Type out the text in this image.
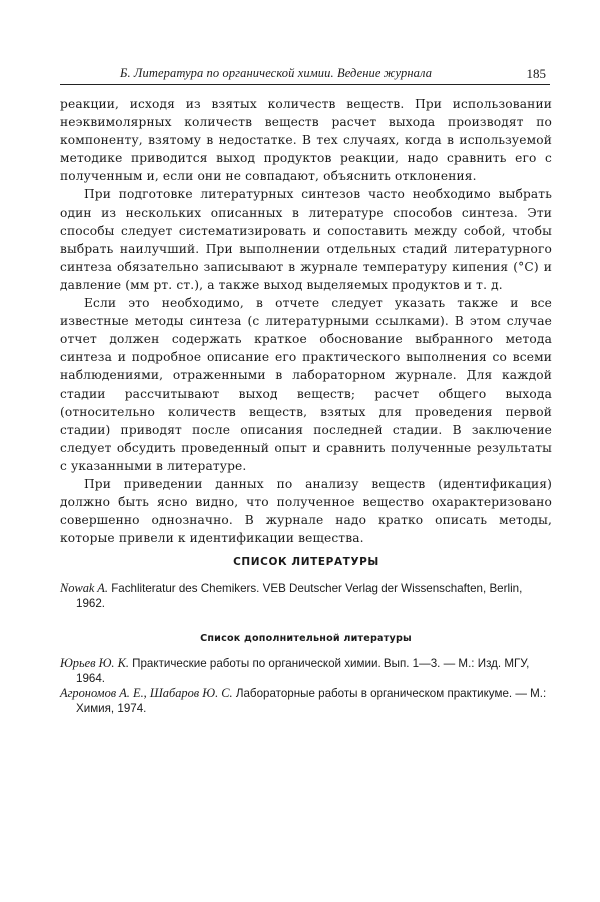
Б. Литература по органической химии. Ведение журнала	185

реакции, исходя из взятых количеств веществ. При использовании неэквимолярных количеств веществ расчет выхода производят по компоненту, взятому в недостатке. В тех случаях, когда в используемой методике приводится выход продуктов реакции, надо сравнить его с полученным и, если они не совпадают, объяснить отклонения.

При подготовке литературных синтезов часто необходимо выбрать один из нескольких описанных в литературе способов синтеза. Эти способы следует систематизировать и сопоставить между собой, чтобы выбрать наилучший. При выполнении отдельных стадий литературного синтеза обязательно записывают в журнале температуру кипения (°С) и давление (мм рт. ст.), а также выход выделяемых продуктов и т. д.

Если это необходимо, в отчете следует указать также и все известные методы синтеза (с литературными ссылками). В этом случае отчет должен содержать краткое обоснование выбранного метода синтеза и подробное описание его практического выполнения со всеми наблюдениями, отраженными в лабораторном журнале. Для каждой стадии рассчитывают выход веществ; расчет общего выхода (относительно количеств веществ, взятых для проведения первой стадии) приводят после описания последней стадии. В заключение следует обсудить проведенный опыт и сравнить полученные результаты с указанными в литературе.

При приведении данных по анализу веществ (идентификация) должно быть ясно видно, что полученное вещество охарактеризовано совершенно однозначно. В журнале надо кратко описать методы, которые привели к идентификации вещества.

СПИСОК ЛИТЕРАТУРЫ

Nowak A. Fachliteratur des Chemikers. VEB Deutscher Verlag der Wissenschaften, Berlin, 1962.

Список дополнительной литературы

Юрьев Ю. К. Практические работы по органической химии. Вып. 1—3. — М.: Изд. МГУ, 1964.

Агрономов А. Е., Шабаров Ю. С. Лабораторные работы в органическом практикуме. — М.: Химия, 1974.
